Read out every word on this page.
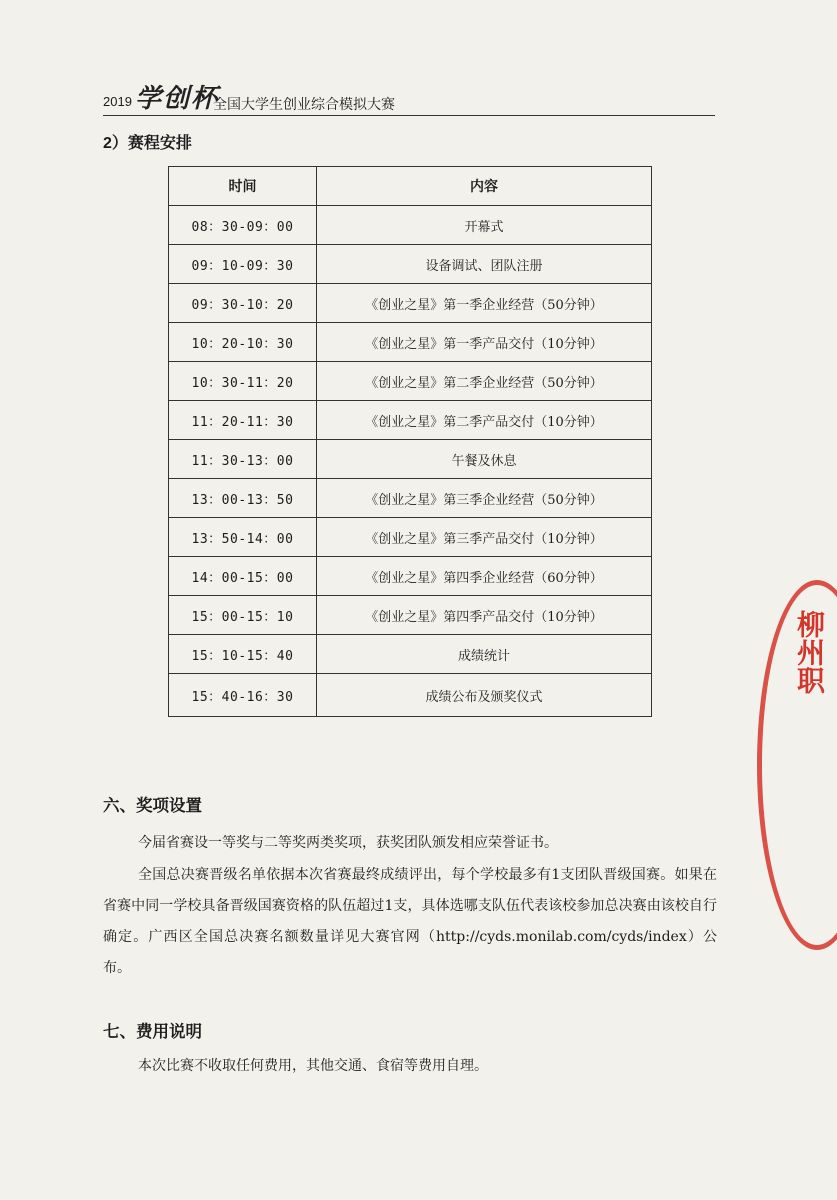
2019 学创杯
全国大学生创业综合模拟大赛
2）赛程安排
时间	内容
08：30-09：00	开幕式
09：10-09：30	设备调试、团队注册
09：30-10：20	《创业之星》第一季企业经营（50分钟）
10：20-10：30	《创业之星》第一季产品交付（10分钟）
10：30-11：20	《创业之星》第二季企业经营（50分钟）
11：20-11：30	《创业之星》第二季产品交付（10分钟）
11：30-13：00	午餐及休息
13：00-13：50	《创业之星》第三季企业经营（50分钟）
13：50-14：00	《创业之星》第三季产品交付（10分钟）
14：00-15：00	《创业之星》第四季企业经营（60分钟）
15：00-15：10	《创业之星》第四季产品交付（10分钟）
15：10-15：40	成绩统计
15：40-16：30	成绩公布及颁奖仪式
六、奖项设置
今届省赛设一等奖与二等奖两类奖项，获奖团队颁发相应荣誉证书。
全国总决赛晋级名单依据本次省赛最终成绩评出，每个学校最多有1支团队晋级国赛。如果在省赛中同一学校具备晋级国赛资格的队伍超过1支，具体选哪支队伍代表该校参加总决赛由该校自行确定。广西区全国总决赛名额数量详见大赛官网（http://cyds.monilab.com/cyds/index）公布。
七、费用说明
本次比赛不收取任何费用，其他交通、食宿等费用自理。
柳州职
